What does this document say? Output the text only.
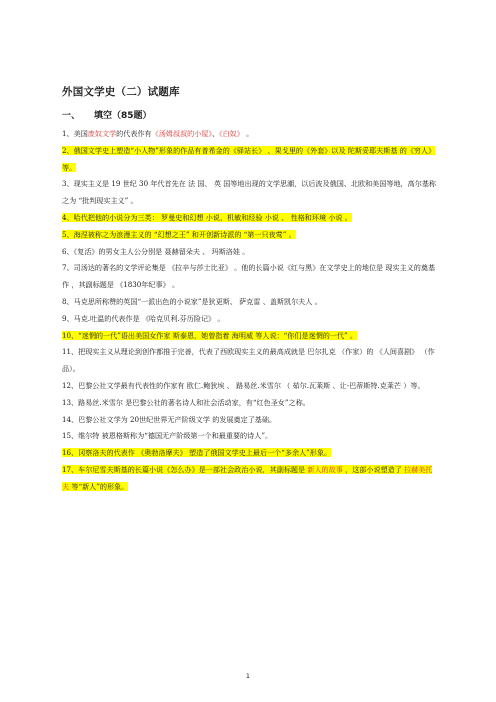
外国文学史（二）试题库
一、 填空（85题）

1、美国废奴文学的代表作有《汤姆叔叔的小屋》、《白奴》 。

2、俄国文学史上塑造“小人物”形象的作品有普希金的《驿站长》 、果戈里的《外套》以及 陀斯妥耶夫斯基 的《穷人》等。

3、现实主义是 19 世纪 30 年代首先在 法 国、 英 国等地出现的文学思潮，以后波及俄国、北欧和美国等地，高尔基称之为 “批判现实主义” 。

4、哈代把他的小说分为三类： 罗曼史和幻想 小说、机敏和经验 小说 、 性格和环境 小说 。

5、海涅被称之为浪漫主义的 “幻想之王” 和开创新诗派的 “第一只夜莺” 。

6、《复活》的男女主人公分别是 聂赫留朵夫 、 玛斯洛娃 。

7、司汤达的著名的文学评论集是 《拉辛与莎士比亚》 。他的长篇小说《红与黑》在文学史上的地位是 现实主义的奠基作 ，其副标题是 《1830年纪事》 。

8、马克思所称赞的英国“一派出色的小说家”是狄更斯、 萨克雷 、盖斯凯尔夫人 。

9、马克.吐温的代表作是 《哈克贝利.芬历险记》 。

10、“迷惘的一代”语出美国女作家 斯泰恩，她曾指着 海明威 等人说：“你们是迷惘的一代” 。

11、把现实主义从理论到创作都推于完善，代表了西欧现实主义的最高成就是 巴尔扎克 （作家）的 《人间喜剧》 （作品）。

12、巴黎公社文学最有代表性的作家有 欧仁.鲍狄埃 、 路易丝.米雪尔 （ 茹尔.瓦莱斯 、让-巴蒂斯特.克莱芒 ）等。

13、路易丝.米雪尔 是巴黎公社的著名诗人和社会活动家，有“红色圣女”之称。

14、巴黎公社文学为 20世纪世界无产阶级文学 的发展奠定了基础。

15、维尔特 被恩格斯称为“德国无产阶级第一个和最重要的诗人”。

16、冈察洛夫的代表作 《奥勃洛摩夫》 塑造了俄国文学史上最后一个“多余人”形象。

17、车尔尼雪夫斯基的长篇小说《怎么办》是一部社会政治小说，其副标题是 新人的故事 ，这部小说塑造了 拉赫美托夫 等“新人”的形象。

1
